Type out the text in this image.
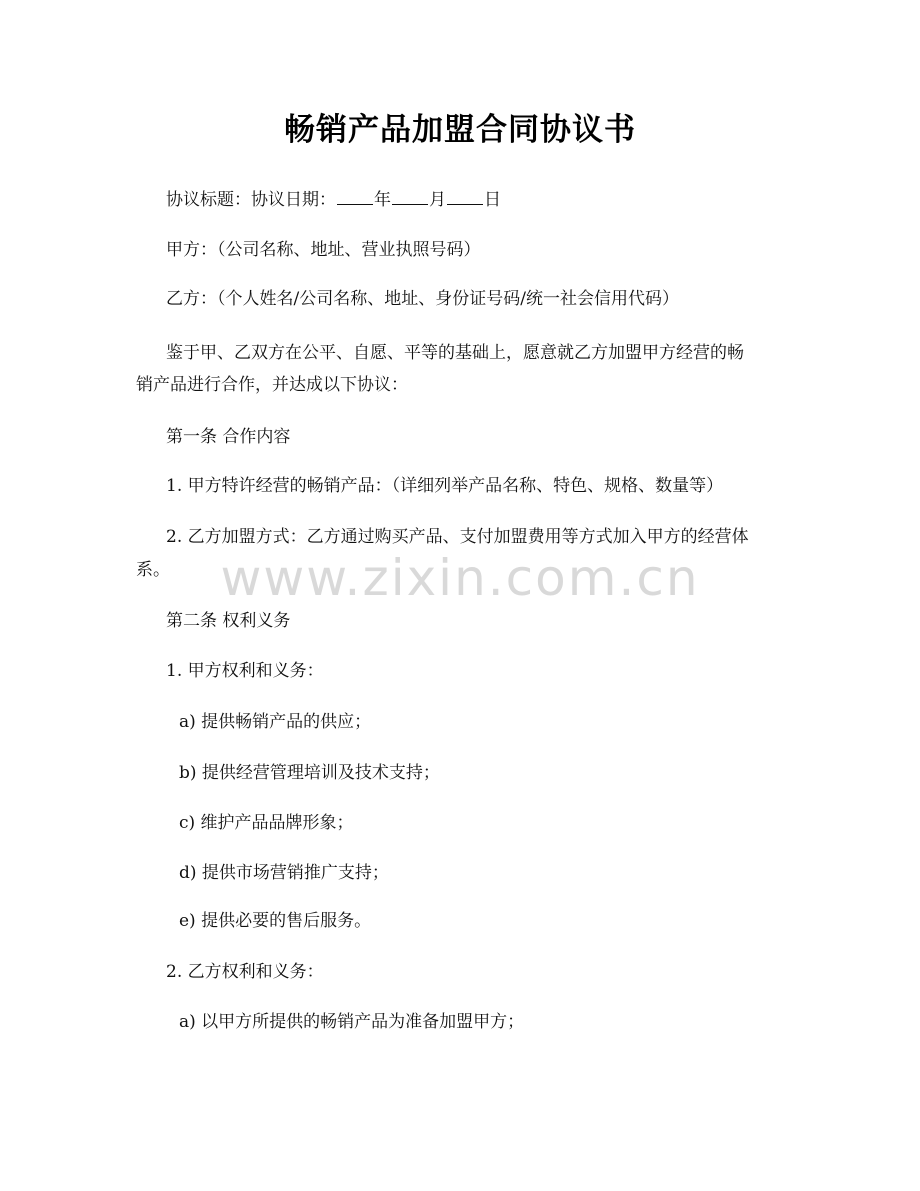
畅销产品加盟合同协议书
协议标题：协议日期： 年 月 日
甲方：（公司名称、地址、营业执照号码）
乙方：（个人姓名/公司名称、地址、身份证号码/统一社会信用代码）
鉴于甲、乙双方在公平、自愿、平等的基础上，愿意就乙方加盟甲方经营的畅
销产品进行合作，并达成以下协议：
第一条 合作内容
1. 甲方特许经营的畅销产品：（详细列举产品名称、特色、规格、数量等）
2. 乙方加盟方式：乙方通过购买产品、支付加盟费用等方式加入甲方的经营体
系。
第二条 权利义务
1. 甲方权利和义务：
a) 提供畅销产品的供应；
b) 提供经营管理培训及技术支持；
c) 维护产品品牌形象；
d) 提供市场营销推广支持；
e) 提供必要的售后服务。
2. 乙方权利和义务：
a) 以甲方所提供的畅销产品为准备加盟甲方；
www.zixin.com.cn
